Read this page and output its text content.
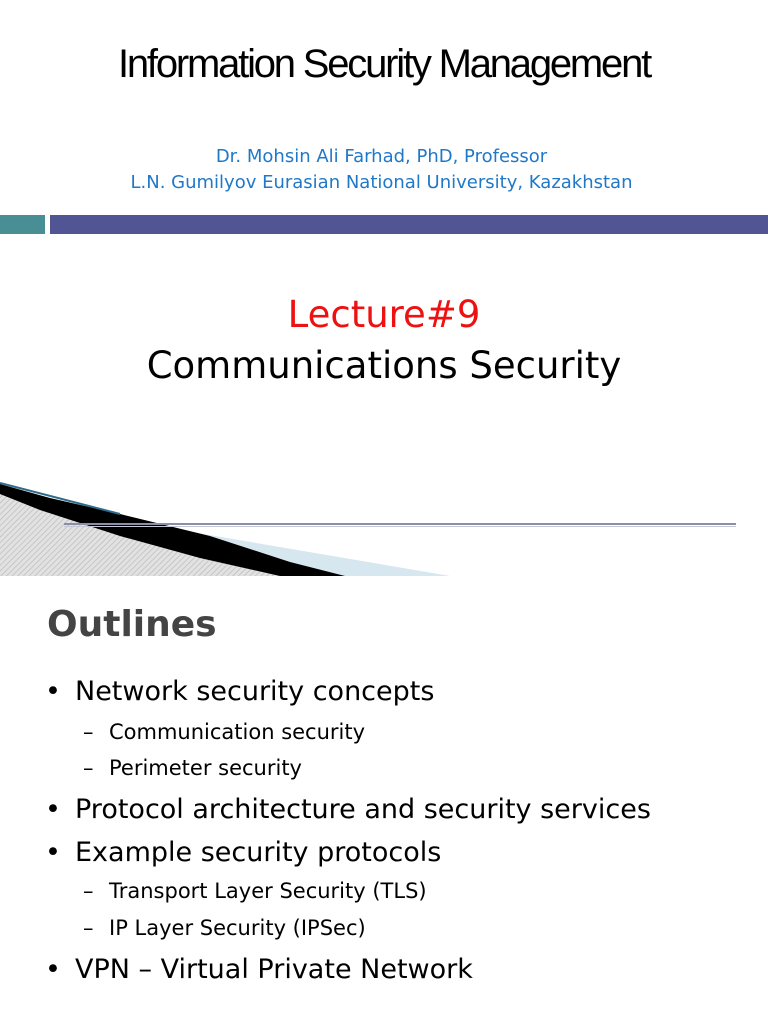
Information Security Management
Dr. Mohsin Ali Farhad, PhD, Professor
L.N. Gumilyov Eurasian National University, Kazakhstan
Lecture#9
Communications Security
Outlines
• Network security concepts
– Communication security
– Perimeter security
• Protocol architecture and security services
• Example security protocols
– Transport Layer Security (TLS)
– IP Layer Security (IPSec)
• VPN – Virtual Private Network
